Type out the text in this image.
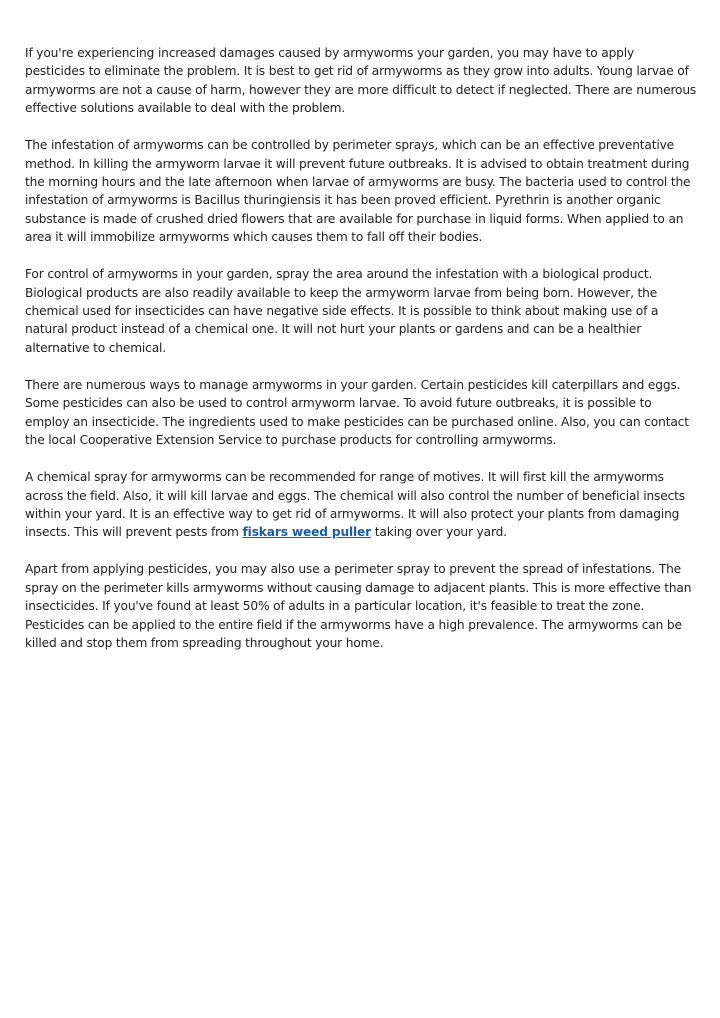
If you're experiencing increased damages caused by armyworms your garden, you may have to apply pesticides to eliminate the problem. It is best to get rid of armyworms as they grow into adults. Young larvae of armyworms are not a cause of harm, however they are more difficult to detect if neglected. There are numerous effective solutions available to deal with the problem.

The infestation of armyworms can be controlled by perimeter sprays, which can be an effective preventative method. In killing the armyworm larvae it will prevent future outbreaks. It is advised to obtain treatment during the morning hours and the late afternoon when larvae of armyworms are busy. The bacteria used to control the infestation of armyworms is Bacillus thuringiensis it has been proved efficient. Pyrethrin is another organic substance is made of crushed dried flowers that are available for purchase in liquid forms. When applied to an area it will immobilize armyworms which causes them to fall off their bodies.

For control of armyworms in your garden, spray the area around the infestation with a biological product. Biological products are also readily available to keep the armyworm larvae from being born. However, the chemical used for insecticides can have negative side effects. It is possible to think about making use of a natural product instead of a chemical one. It will not hurt your plants or gardens and can be a healthier alternative to chemical.

There are numerous ways to manage armyworms in your garden. Certain pesticides kill caterpillars and eggs. Some pesticides can also be used to control armyworm larvae. To avoid future outbreaks, it is possible to employ an insecticide. The ingredients used to make pesticides can be purchased online. Also, you can contact the local Cooperative Extension Service to purchase products for controlling armyworms.

A chemical spray for armyworms can be recommended for range of motives. It will first kill the armyworms across the field. Also, it will kill larvae and eggs. The chemical will also control the number of beneficial insects within your yard. It is an effective way to get rid of armyworms. It will also protect your plants from damaging insects. This will prevent pests from fiskars weed puller taking over your yard.

Apart from applying pesticides, you may also use a perimeter spray to prevent the spread of infestations. The spray on the perimeter kills armyworms without causing damage to adjacent plants. This is more effective than insecticides. If you've found at least 50% of adults in a particular location, it's feasible to treat the zone. Pesticides can be applied to the entire field if the armyworms have a high prevalence. The armyworms can be killed and stop them from spreading throughout your home.
